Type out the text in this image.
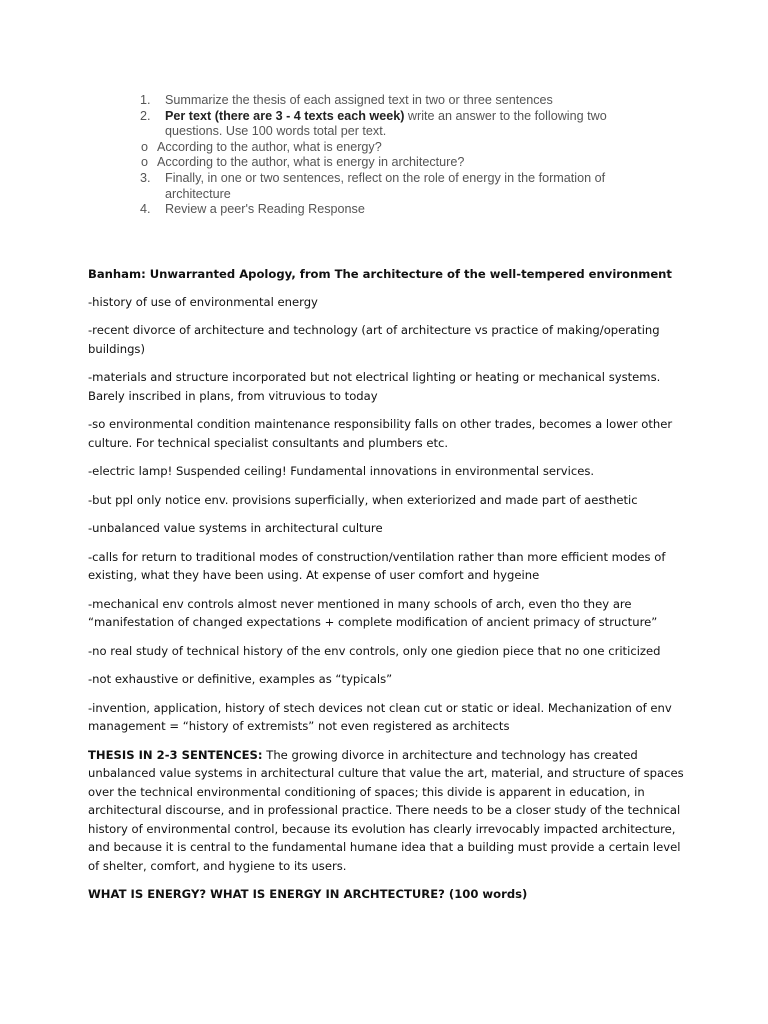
1. Summarize the thesis of each assigned text in two or three sentences
2. Per text (there are 3 - 4 texts each week) write an answer to the following two questions. Use 100 words total per text.
o According to the author, what is energy?
o According to the author, what is energy in architecture?
3. Finally, in one or two sentences, reflect on the role of energy in the formation of architecture
4. Review a peer's Reading Response

Banham: Unwarranted Apology, from The architecture of the well-tempered environment

-history of use of environmental energy

-recent divorce of architecture and technology (art of architecture vs practice of making/operating buildings)

-materials and structure incorporated but not electrical lighting or heating or mechanical systems. Barely inscribed in plans, from vitruvious to today

-so environmental condition maintenance responsibility falls on other trades, becomes a lower other culture. For technical specialist consultants and plumbers etc.

-electric lamp! Suspended ceiling! Fundamental innovations in environmental services.

-but ppl only notice env. provisions superficially, when exteriorized and made part of aesthetic

-unbalanced value systems in architectural culture

-calls for return to traditional modes of construction/ventilation rather than more efficient modes of existing, what they have been using. At expense of user comfort and hygeine

-mechanical env controls almost never mentioned in many schools of arch, even tho they are “manifestation of changed expectations + complete modification of ancient primacy of structure”

-no real study of technical history of the env controls, only one giedion piece that no one criticized

-not exhaustive or definitive, examples as “typicals”

-invention, application, history of stech devices not clean cut or static or ideal. Mechanization of env management = “history of extremists” not even registered as architects

THESIS IN 2-3 SENTENCES: The growing divorce in architecture and technology has created unbalanced value systems in architectural culture that value the art, material, and structure of spaces over the technical environmental conditioning of spaces; this divide is apparent in education, in architectural discourse, and in professional practice. There needs to be a closer study of the technical history of environmental control, because its evolution has clearly irrevocably impacted architecture, and because it is central to the fundamental humane idea that a building must provide a certain level of shelter, comfort, and hygiene to its users.

WHAT IS ENERGY? WHAT IS ENERGY IN ARCHTECTURE? (100 words)
